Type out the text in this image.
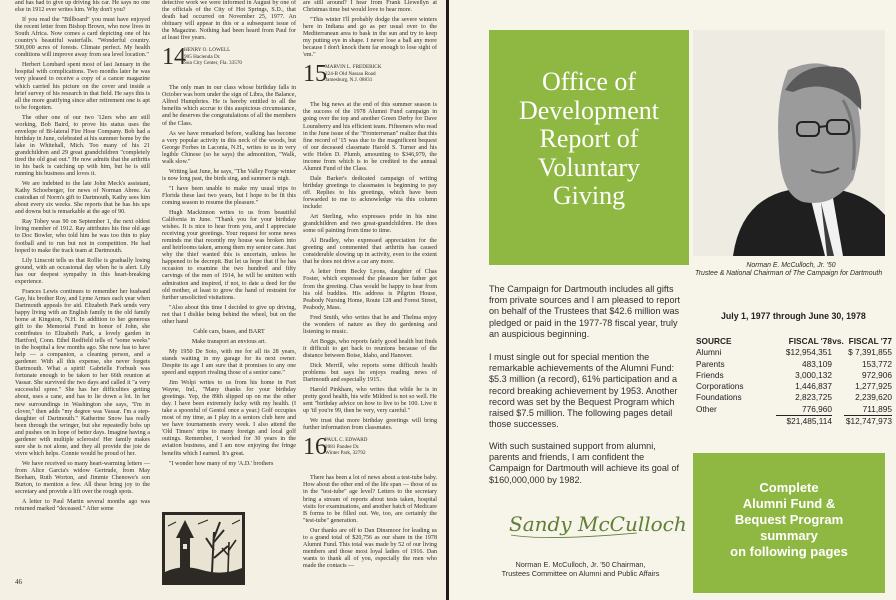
and has had to give up driving his car. He says no one else in 1912 ever writes him. Why don't you?

If you read the "Billboard" you must have enjoyed the recent letter from Bishop Brown, who now lives in South Africa. Now comes a card depicting one of his country's beautiful waterfalls. "Wonderful country. 500,000 acres of forests. Climate perfect. My health conditions will improve away from sea level location."

Herbert Lombard spent most of last January in the hospital with complications. Two months later he was very pleased to receive a copy of a cancer magazine which carried his picture on the cover and inside a brief survey of his research in that field. He says this is all the more gratifying since after retirement one is apt to be forgotten.

The other one of our two '12ers who are still working, Bob Baird, to prove his status uses the envelope of Bi-lateral Fire Hose Company. Bob had a birthday in June, celebrated at his summer home by the lake in Whitehall, Mich. Too many of his 21 grandchildren and 29 great grandchildren "completely tired the old goat out." He now admits that the arthritis in his back is catching up with him, but he is still running his business and loves it.

We are indebted to the late John Meck's assistant, Kathy Schoeberger, for news of Norman Abree. As custodian of Norm's gift to Dartmouth, Kathy sees him about every six weeks. She reports that he has his ups and downs but is remarkable at the age of 90.

Ray Tobey was 90 on September 1, the next oldest living member of 1912. Ray attributes his fine old age to Doc Bowler, who told him he was too thin to play football and to run but not in competition. He had hoped to make the track team at Dartmouth.

Lily Linscott tells us that Rollie is gradually losing ground, with an occasional day when he is alert. Lily has our deepest sympathy in this heart-breaking experience.

Frances Lewis continues to remember her husband Gay, his brother Roy, and Lyme Armes each year when Dartmouth appeals for aid. Elizabeth Park sends very happy living with an English family in the old family home at Kingston, N.H. In addition to her generous gift to the Memorial Fund in honor of John, she contributes to Elizabeth Park, a lovely garden in Hartford, Conn. Ethel Redfield tells of "some weeks" in the hospital a few months ago. She now has to have help — a companion, a cleaning person, and a gardener. With all this expense, she never forgets Dartmouth. What a spirit! Gabrielle Forbush was fortunate enough to be taken to her 66th reunion at Vassar. She survived the two days and called it "a very successful spree." She has her difficulties getting about, uses a cane, and has to lie down a lot. In her new surroundings in Washington she says, "I'm in clover," then adds "my degree was Vassar. I'm a step-daughter of Dartmouth." Katherine Snow has really been through the wringer, but she repeatedly bobs up and pushes on in hope of better days. Imagine having a gardener with multiple sclerosis! Her family makes sure she is not alone, and they all provide the joie de vivre which helps. Connie would be proud of her.

We have received so many heart-warming letters — from Alice Garcia's widow Gertrude, from May Beeham, Ruth Worton, and Jimmie Chenowe's son Burton, to mention a few. All these bring joy to the secretary and provide a lift over the rough spots.

A letter to Paul Martin several months ago was returned marked "deceased." After some

detective work we were informed in August by one of the officials of the City of Hot Springs, S.D., that death had occurred on November 25, 1977. An obituary will appear in this or a subsequent issue of the Magazine. Nothing had been heard from Paul for at least five years.

14
HENRY O. LOWELL
905 Hacienda Dr.
Sun City Center, Fla. 33570

The only man in our class whose birthday falls in October was born under the sign of Libra, the Balance, Alfred Humphries. He is hereby entitled to all the benefits which accrue to this auspicious circumstance, and he deserves the congratulations of all the members of the Class.

As we have remarked before, walking has become a very popular activity in this neck of the woods, but George Forbes in Laconia, N.H., writes to us in very legible Chinese (so he says) the admonition, "Walk, walk slow."

Writing last June, he says, "The Valley Forge winter is now long past, the birds sing, and summer is nigh.

"I have been unable to make my usual trips to Florida these last two years, but I hope to be fit this coming season to resume the pleasure."

Hugh Mackinnon writes to us from beautiful California in June. "Thank you for your birthday wishes. It is nice to hear from you, and I appreciate receiving your greetings. Your request for some news reminds me that recently my house was broken into and heirlooms taken, among them my senior cane. Just why the thief wanted this is uncertain, unless he happened to be decrepit. But let us hope that if he has occasion to examine the two hundred and fifty carvings of the men of 1914, he will be smitten with admiration and inspired, if not, to date a deed for the old mother, at least to grow the hand of restraint for further unsolicited visitations.

"Also about this time I decided to give up driving, not that I dislike being behind the wheel, but on the other hand

Cable cars, buses, and BART

Make transport an envious art.

My 1950 De Soto, with me for all its 28 years, stands waiting in my garage for its next owner. Despite its age I am sure that it promises to any one speed and support rivaling those of a senior cane."

Jim Wolpi writes to us from his home in Fort Wayne, Ind., "Many thanks for your birthday greetings. Yep, the 89th slipped up on me the other day. I have been extremely lucky with my health. (I take a spoonful of Gentol once a year.) Golf occupies most of my time, as I play in a seniors club here and we have tournaments every week. I also attend the 'Old Timers' trips to many foreign and local golf outings. Remember, I worked for 30 years in the aviation business, and I am now enjoying the fringe benefits which I earned. It's great.

"I wonder how many of my 'A.D.' brothers

are still around? I hear from Frank Llewellyn at Christmas time but would love to hear more.

"This winter I'll probably dodge the severe winters here in Indiana and go as per usual over to the Mediterranean area to bask in the sun and try to keep my putting eye in shape. I never lose a ball any more because I don't knock them far enough to lose sight of 'em."

15
MARVIN L. FREDERICK
224-B Old Nassau Road
Jamesburg, N.J. 08831

The big news at the end of this summer season is the success of the 1978 Alumni Fund campaign in going over the top and another Green Derby for Dave Lounsberry and his efficient team. Fifteeners who read in the June issue of the "Fronterrsman" realize that this fine record of '15 was due to the magnificent bequest of our deceased classmate Harold S. Turner and his wife Helen D. Plumb, amounting to $346,979, the income from which is to be credited to the annual Alumni Fund of the Class.

Dale Barker's dedicated campaign of writing birthday greetings to classmates is beginning to pay off. Replies to his greetings, which have been forwarded to me to acknowledge via this column include:

Art Sterling, who expresses pride in his nine grandchildren and two great-grandchildren. He does some oil painting from time to time.

Al Bradley, who expressed appreciation for the greeting and commented that arthritis has caused considerable slowing up in activity, even to the extent that he does not drive a car any more.

A letter from Becky Lyons, daughter of Chas Foster, which expressed the pleasure her father got from the greeting. Chas would be happy to hear from his old buddies. His address is Pilgrim House, Peabody Nursing Home, Route 128 and Forest Street, Peabody, Mass.

Fred Smith, who writes that he and Thelma enjoy the wonders of nature as they do gardening and listening to music.

Art Boggs, who reports fairly good health but finds it difficult to get back to reunions because of the distance between Boise, Idaho, and Hanover.

Dick Merrill, who reports some difficult health problems but says he enjoys reading news of Dartmouth and especially 1915.

Harold Pinkham, who writes that while he is in pretty good health, his wife Mildred is not so well. He sent "birthday advice on how to live to be 100. Live it up 'til you're 99, then be very, very careful."

We trust that more birthday greetings will bring further information from classmates.

16
PAUL C. EDWARD
2081 Pandee Dr.
Winter Park, 32792

There has been a lot of news about a test-tube baby. How about the other end of the life span — those of us in the "test-tube" age level? Letters to the secretary bring a stream of reports about tests taken, hospital visits for examinations, and another batch of Medicare B forms to be filled out. We, too, are certainly the "test-tube" generation.

Our thanks are off to Dan Dinsmoor for leading us to a grand total of $20,756 as our share in the 1978 Alumni Fund. This total was made by 52 of our living members and those most loyal ladies of 1916. Dan wants to thank all of you, especially the men who made the contacts —

46
Office of
Development
Report of
Voluntary
Giving
Norman E. McCulloch, Jr. '50
Trustee & National Chairman of The Campaign for Dartmouth

The Campaign for Dartmouth includes all gifts from private sources and I am pleased to report on behalf of the Trustees that $42.6 million was pledged or paid in the 1977-78 fiscal year, truly an auspicious beginning.

I must single out for special mention the remarkable achievements of the Alumni Fund: $5.3 million (a record), 61% participation and a record breaking achievement by 1953. Another record was set by the Bequest Program which raised $7.5 million. The following pages detail those successes.

With such sustained support from alumni, parents and friends, I am confident the Campaign for Dartmouth will achieve its goal of $160,000,000 by 1982.

July 1, 1977 through June 30, 1978
SOURCE	FISCAL '78 vs. FISCAL '77
Alumni	$12,954,351	$ 7,391,855
Parents	483,109	153,772
Friends	3,000,132	972,906
Corporations	1,446,837	1,277,925
Foundations	2,823,725	2,239,620
Other	776,960	711,895
$21,485,114 $12,747,973
Sandy McCulloch
Norman E. McCulloch, Jr. '50 Chairman,
Trustees Committee on Alumni and Public Affairs
Complete
Alumni Fund &
Bequest Program
summary
on following pages
